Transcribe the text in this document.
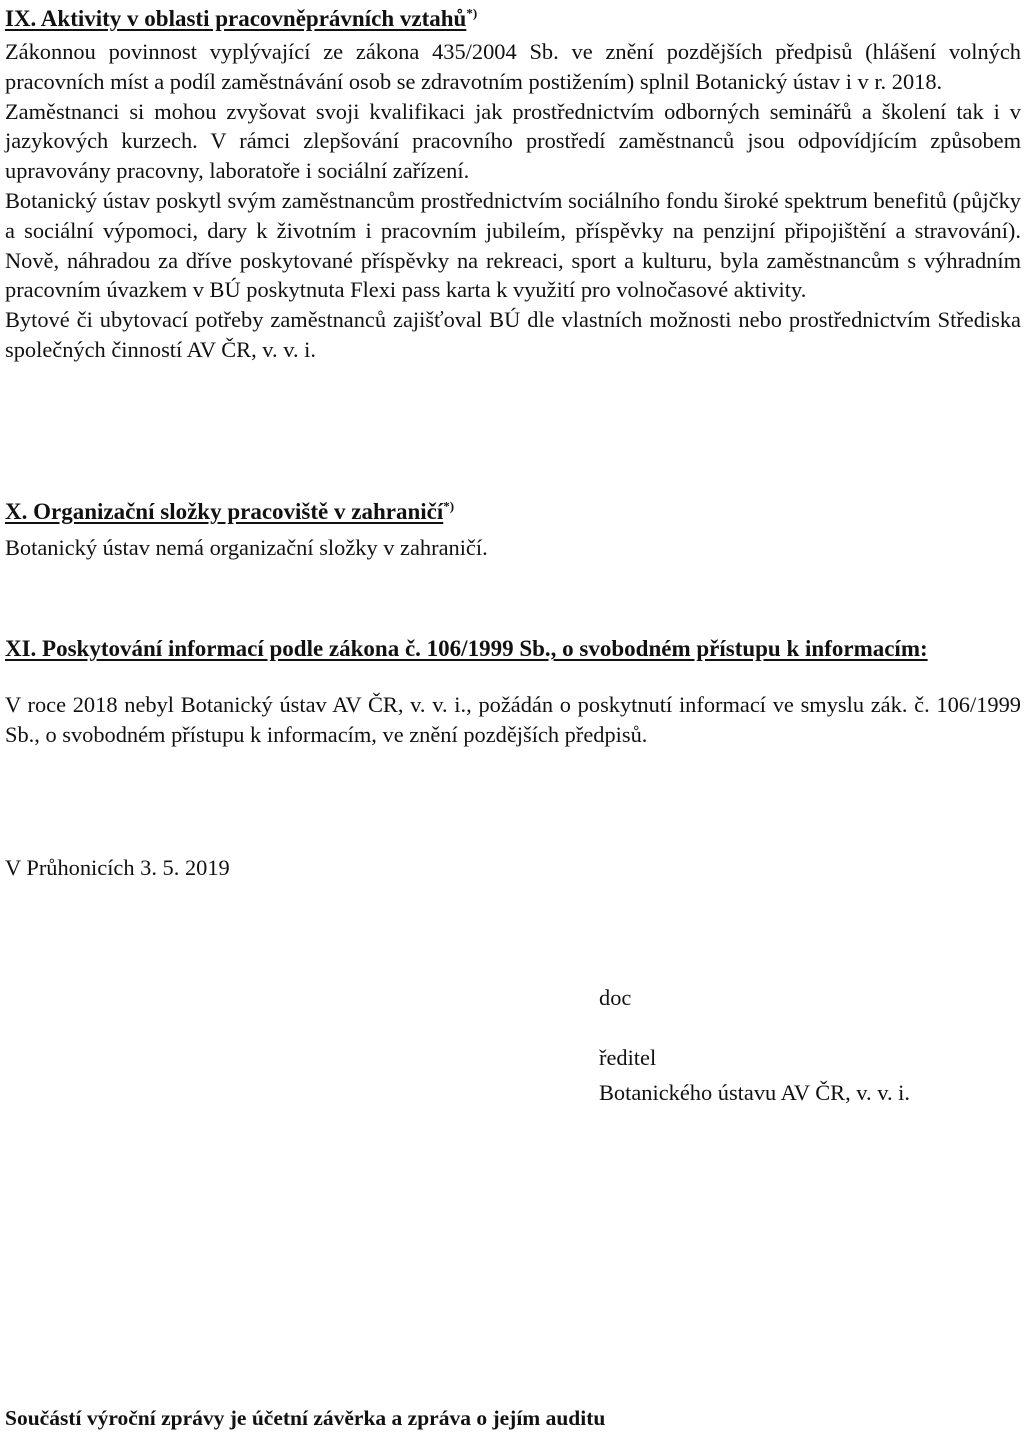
IX. Aktivity v oblasti pracovněprávních vztahů*)

Zákonnou povinnost vyplývající ze zákona 435/2004 Sb. ve znění pozdějších předpisů (hlášení volných pracovních míst a podíl zaměstnávání osob se zdravotním postižením) splnil Botanický ústav i v r. 2018.

Zaměstnanci si mohou zvyšovat svoji kvalifikaci jak prostřednictvím odborných seminářů a školení tak i v jazykových kurzech. V rámci zlepšování pracovního prostředí zaměstnanců jsou odpovídjícím způsobem upravovány pracovny, laboratoře i sociální zařízení.

Botanický ústav poskytl svým zaměstnancům prostřednictvím sociálního fondu široké spektrum benefitů (půjčky a sociální výpomoci, dary k životním i pracovním jubileím, příspěvky na penzijní připojištění a stravování). Nově, náhradou za dříve poskytované příspěvky na rekreaci, sport a kulturu, byla zaměstnancům s výhradním pracovním úvazkem v BÚ poskytnuta Flexi pass karta k využití pro volnočasové aktivity.

Bytové či ubytovací potřeby zaměstnanců zajišťoval BÚ dle vlastních možnosti nebo prostřednictvím Střediska společných činností AV ČR, v. v. i.

X. Organizační složky pracoviště v zahraničí*)

Botanický ústav nemá organizační složky v zahraničí.

XI. Poskytování informací podle zákona č. 106/1999 Sb., o svobodném přístupu k informacím:

V roce 2018 nebyl Botanický ústav AV ČR, v. v. i., požádán o poskytnutí informací ve smyslu zák. č. 106/1999 Sb., o svobodném přístupu k informacím, ve znění pozdějších předpisů.

V Průhonicích 3. 5. 2019
doc
ředitel
Botanického ústavu AV ČR, v. v. i.
Součástí výroční zprávy je účetní závěrka a zpráva o jejím auditu
